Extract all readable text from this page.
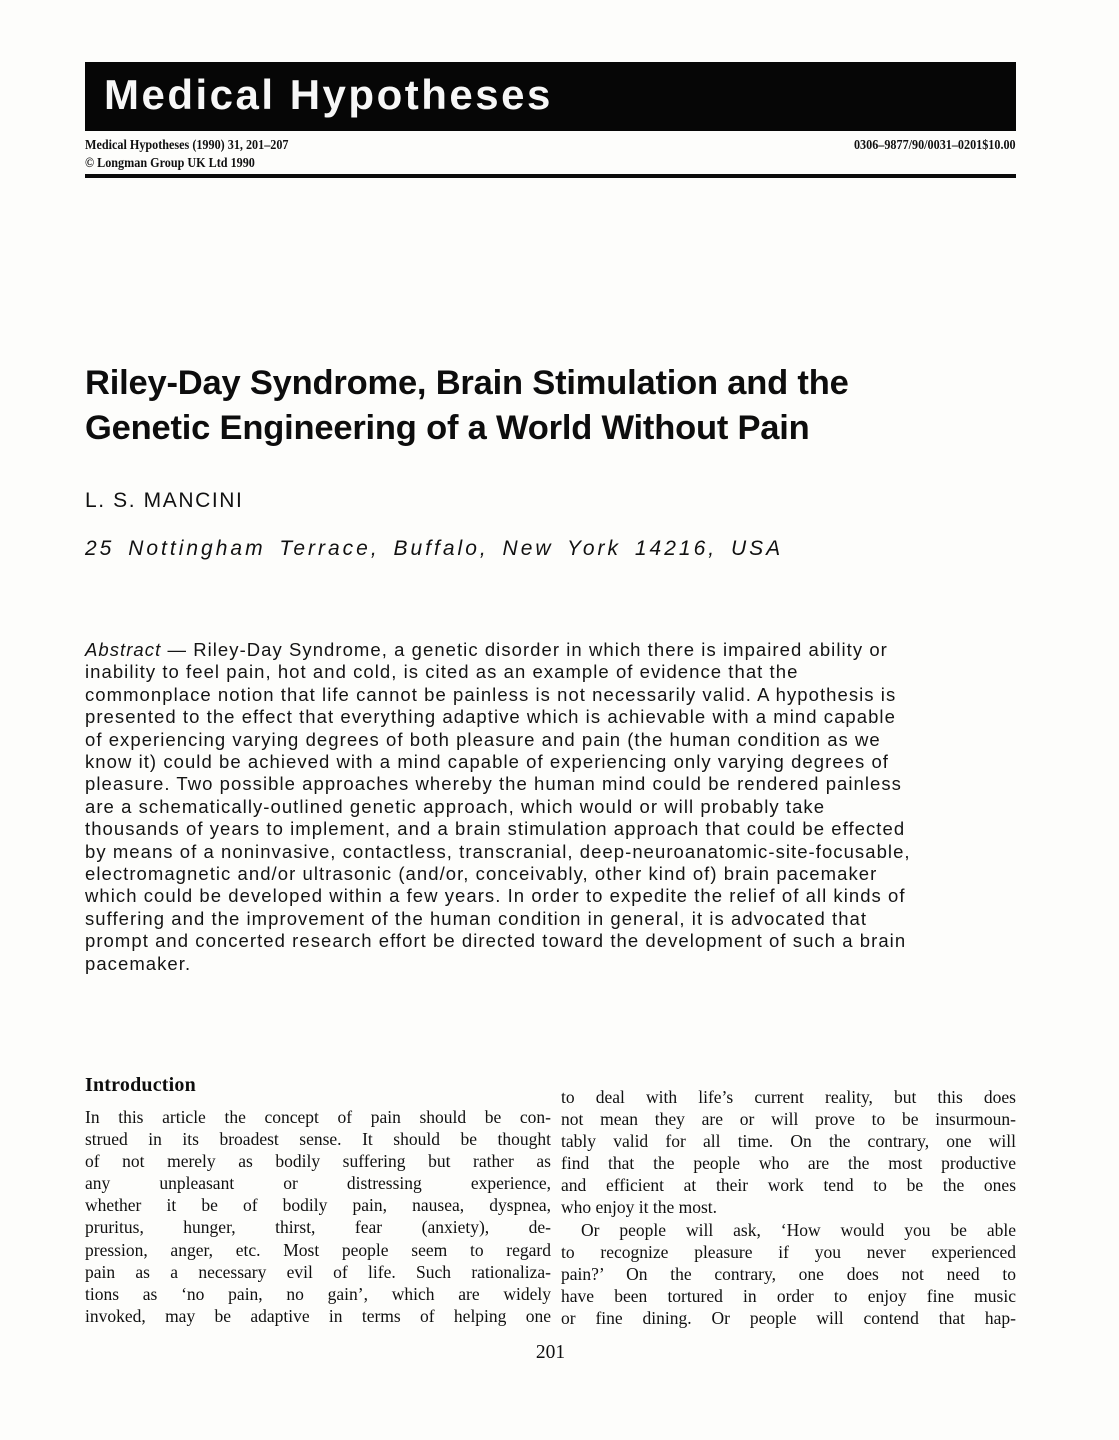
Medical Hypotheses
Medical Hypotheses (1990) 31, 201–207
© Longman Group UK Ltd 1990
0306–9877/90/0031–0201$10.00
Riley-Day Syndrome, Brain Stimulation and the
Genetic Engineering of a World Without Pain
L. S. MANCINI
25 Nottingham Terrace, Buffalo, New York 14216, USA
Abstract — Riley-Day Syndrome, a genetic disorder in which there is impaired ability or
inability to feel pain, hot and cold, is cited as an example of evidence that the
commonplace notion that life cannot be painless is not necessarily valid. A hypothesis is
presented to the effect that everything adaptive which is achievable with a mind capable
of experiencing varying degrees of both pleasure and pain (the human condition as we
know it) could be achieved with a mind capable of experiencing only varying degrees of
pleasure. Two possible approaches whereby the human mind could be rendered painless
are a schematically-outlined genetic approach, which would or will probably take
thousands of years to implement, and a brain stimulation approach that could be effected
by means of a noninvasive, contactless, transcranial, deep-neuroanatomic-site-focusable,
electromagnetic and/or ultrasonic (and/or, conceivably, other kind of) brain pacemaker
which could be developed within a few years. In order to expedite the relief of all kinds of
suffering and the improvement of the human condition in general, it is advocated that
prompt and concerted research effort be directed toward the development of such a brain
pacemaker.
Introduction
In this article the concept of pain should be con-
strued in its broadest sense. It should be thought
of not merely as bodily suffering but rather as
any unpleasant or distressing experience,
whether it be of bodily pain, nausea, dyspnea,
pruritus, hunger, thirst, fear (anxiety), de-
pression, anger, etc. Most people seem to regard
pain as a necessary evil of life. Such rationaliza-
tions as ‘no pain, no gain’, which are widely
invoked, may be adaptive in terms of helping one
to deal with life’s current reality, but this does
not mean they are or will prove to be insurmoun-
tably valid for all time. On the contrary, one will
find that the people who are the most productive
and efficient at their work tend to be the ones
who enjoy it the most.
Or people will ask, ‘How would you be able
to recognize pleasure if you never experienced
pain?’ On the contrary, one does not need to
have been tortured in order to enjoy fine music
or fine dining. Or people will contend that hap-
201
